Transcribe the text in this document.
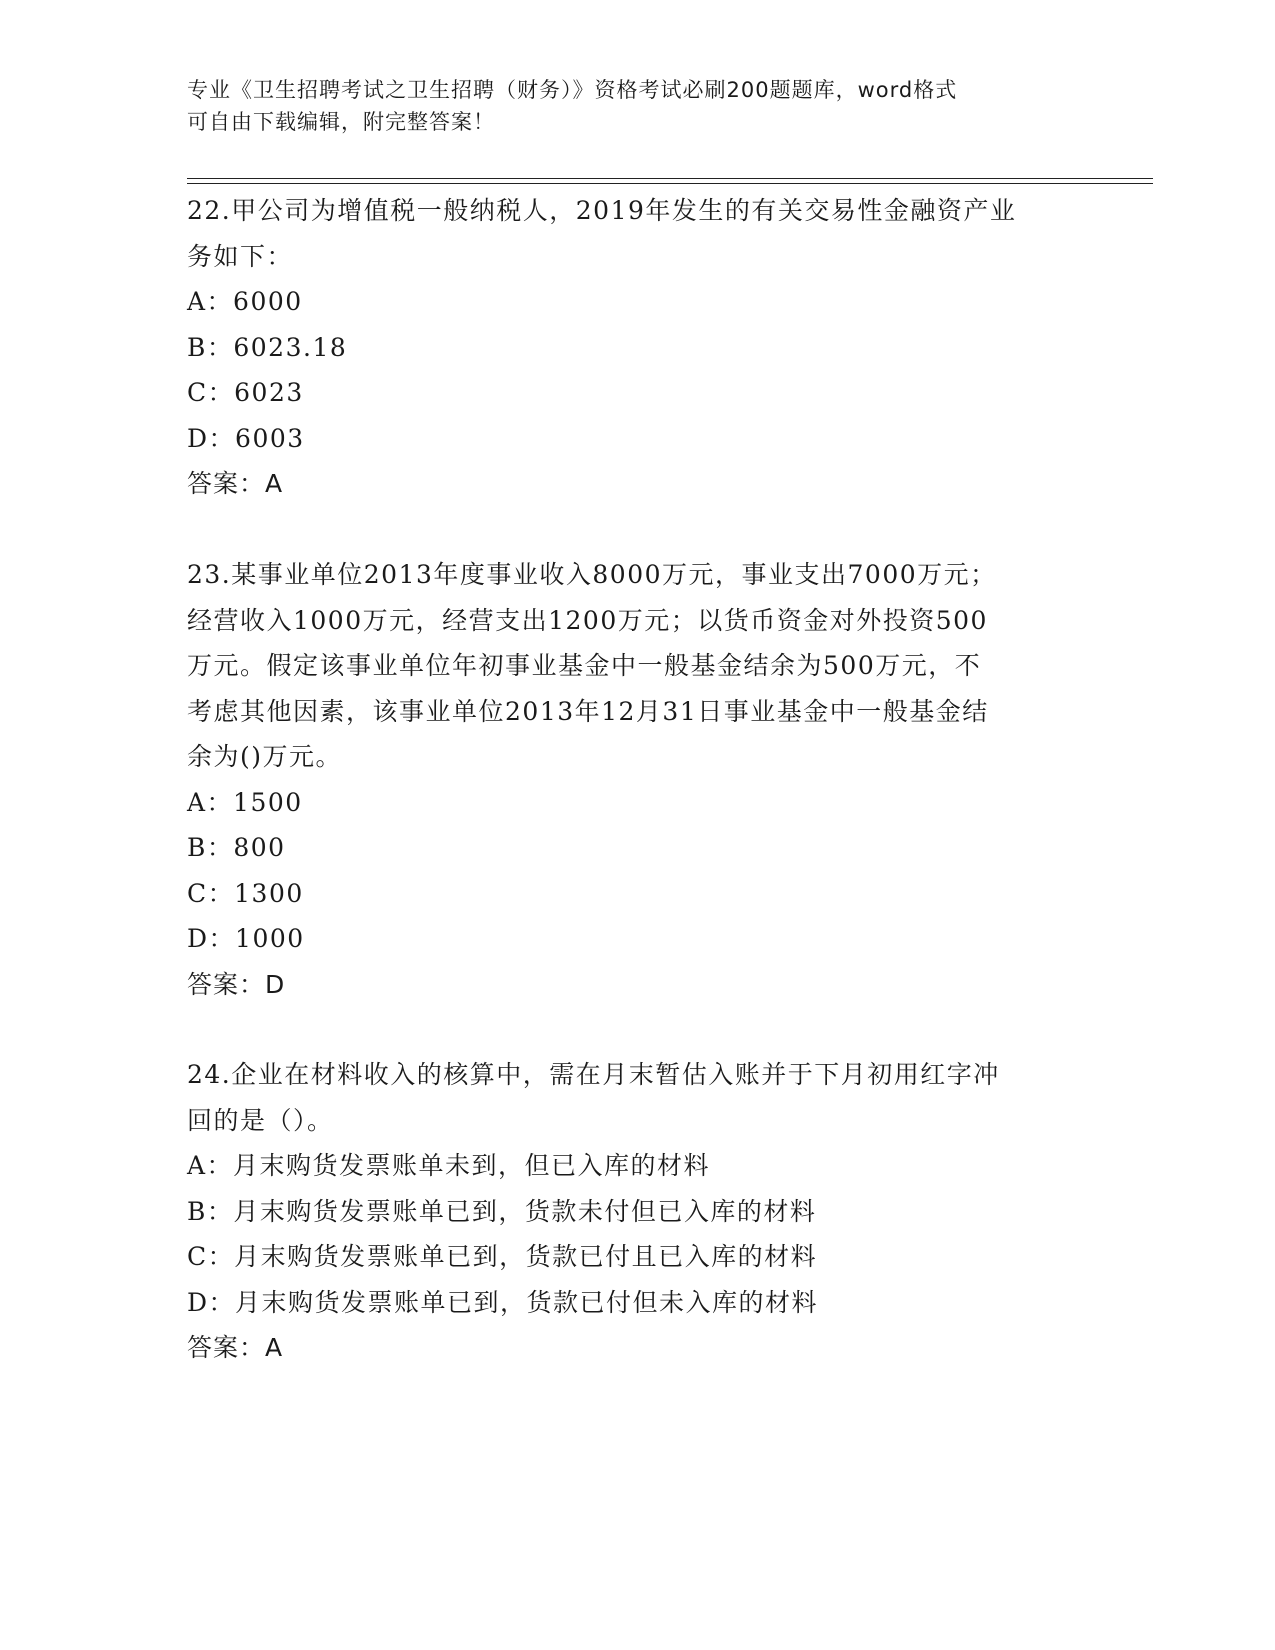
专业《卫生招聘考试之卫生招聘（财务）》资格考试必刷200题题库，word格式
可自由下载编辑，附完整答案！
22.甲公司为增值税一般纳税人，2019年发生的有关交易性金融资产业
务如下：
A：6000
B：6023.18
C：6023
D：6003
答案：A
23.某事业单位2013年度事业收入8000万元，事业支出7000万元；
经营收入1000万元，经营支出1200万元；以货币资金对外投资500
万元。假定该事业单位年初事业基金中一般基金结余为500万元，不
考虑其他因素，该事业单位2013年12月31日事业基金中一般基金结
余为()万元。
A：1500
B：800
C：1300
D：1000
答案：D
24.企业在材料收入的核算中，需在月末暂估入账并于下月初用红字冲
回的是（）。
A：月末购货发票账单未到，但已入库的材料
B：月末购货发票账单已到，货款未付但已入库的材料
C：月末购货发票账单已到，货款已付且已入库的材料
D：月末购货发票账单已到，货款已付但未入库的材料
答案：A
